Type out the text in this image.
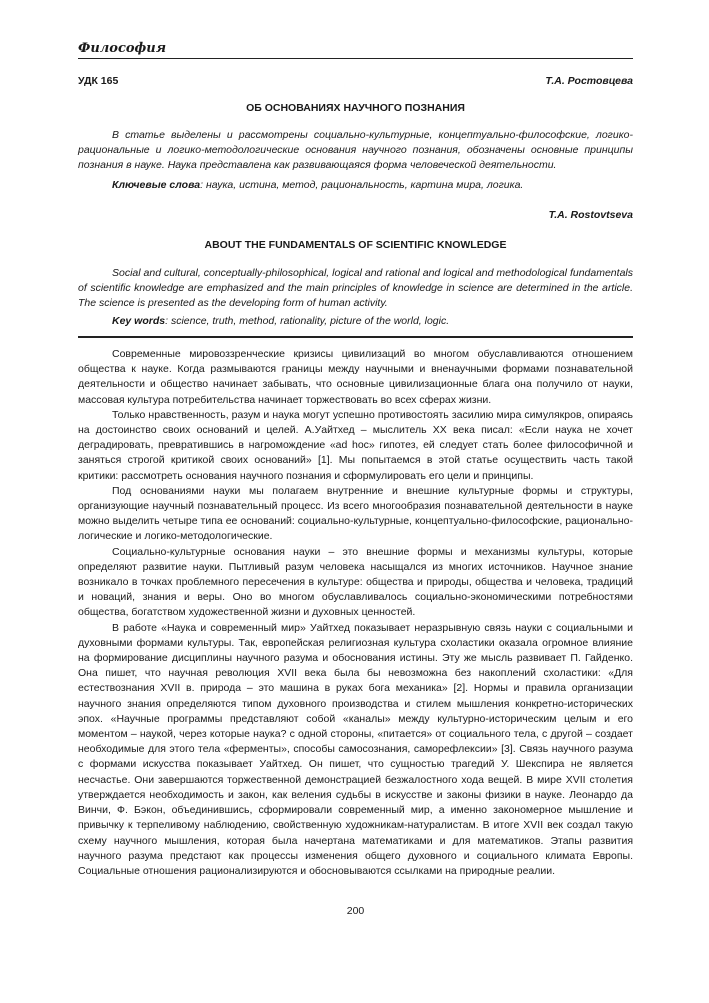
Философия
УДК 165	Т.А. Ростовцева
ОБ ОСНОВАНИЯХ НАУЧНОГО ПОЗНАНИЯ

В статье выделены и рассмотрены социально-культурные, концептуально-философские, логико-рациональные и логико-методологические основания научного познания, обозначены основные принципы познания в науке. Наука представлена как развивающаяся форма человеческой деятельности.

Ключевые слова: наука, истина, метод, рациональность, картина мира, логика.

T.A. Rostovtseva
ABOUT THE FUNDAMENTALS OF SCIENTIFIC KNOWLEDGE

Social and cultural, conceptually-philosophical, logical and rational and logical and methodological fundamentals of scientific knowledge are emphasized and the main principles of knowledge in science are determined in the article. The science is presented as the developing form of human activity.

Key words: science, truth, method, rationality, picture of the world, logic.

Современные мировоззренческие кризисы цивилизаций во многом обуславливаются отношением общества к науке. Когда размываются границы между научными и вненаучными формами познавательной деятельности и общество начинает забывать, что основные цивилизационные блага она получило от науки, массовая культура потребительства начинает торжествовать во всех сферах жизни.

Только нравственность, разум и наука могут успешно противостоять засилию мира симулякров, опираясь на достоинство своих оснований и целей. А.Уайтхед – мыслитель XX века писал: «Если наука не хочет деградировать, превратившись в нагромождение «ad hoc» гипотез, ей следует стать более философичной и заняться строгой критикой своих оснований» [1]. Мы попытаемся в этой статье осуществить часть такой критики: рассмотреть основания научного познания и сформулировать его цели и принципы.

Под основаниями науки мы полагаем внутренние и внешние культурные формы и структуры, организующие научный познавательный процесс. Из всего многообразия познавательной деятельности в науке можно выделить четыре типа ее оснований: социально-культурные, концептуально-философские, рационально-логические и логико-методологические.

Социально-культурные основания науки – это внешние формы и механизмы культуры, которые определяют развитие науки. Пытливый разум человека насыщался из многих источников. Научное знание возникало в точках проблемного пересечения в культуре: общества и природы, общества и человека, традиций и новаций, знания и веры. Оно во многом обуславливалось социально-экономическими потребностями общества, богатством художественной жизни и духовных ценностей.

В работе «Наука и современный мир» Уайтхед показывает неразрывную связь науки с социальными и духовными формами культуры. Так, европейская религиозная культура схоластики оказала огромное влияние на формирование дисциплины научного разума и обоснования истины. Эту же мысль развивает П. Гайденко. Она пишет, что научная революция XVII века была бы невозможна без накоплений схоластики: «Для естествознания XVII в. природа – это машина в руках бога механика» [2]. Нормы и правила организации научного знания определяются типом духовного производства и стилем мышления конкретно-исторических эпох. «Научные программы представляют собой «каналы» между культурно-историческим целым и его моментом – наукой, через которые наука? с одной стороны, «питается» от социального тела, с другой – создает необходимые для этого тела «ферменты», способы самосознания, саморефлексии» [3]. Связь научного разума с формами искусства показывает Уайтхед. Он пишет, что сущностью трагедий У. Шекспира не является несчастье. Они завершаются торжественной демонстрацией безжалостного хода вещей. В мире XVII столетия утверждается необходимость и закон, как веления судьбы в искусстве и законы физики в науке. Леонардо да Винчи, Ф. Бэкон, объединившись, сформировали современный мир, а именно закономерное мышление и привычку к терпеливому наблюдению, свойственную художникам-натуралистам. В итоге XVII век создал такую схему научного мышления, которая была начертана математиками и для математиков. Этапы развития научного разума предстают как процессы изменения общего духовного и социального климата Европы. Социальные отношения рационализируются и обосновываются ссылками на природные реалии.

200
